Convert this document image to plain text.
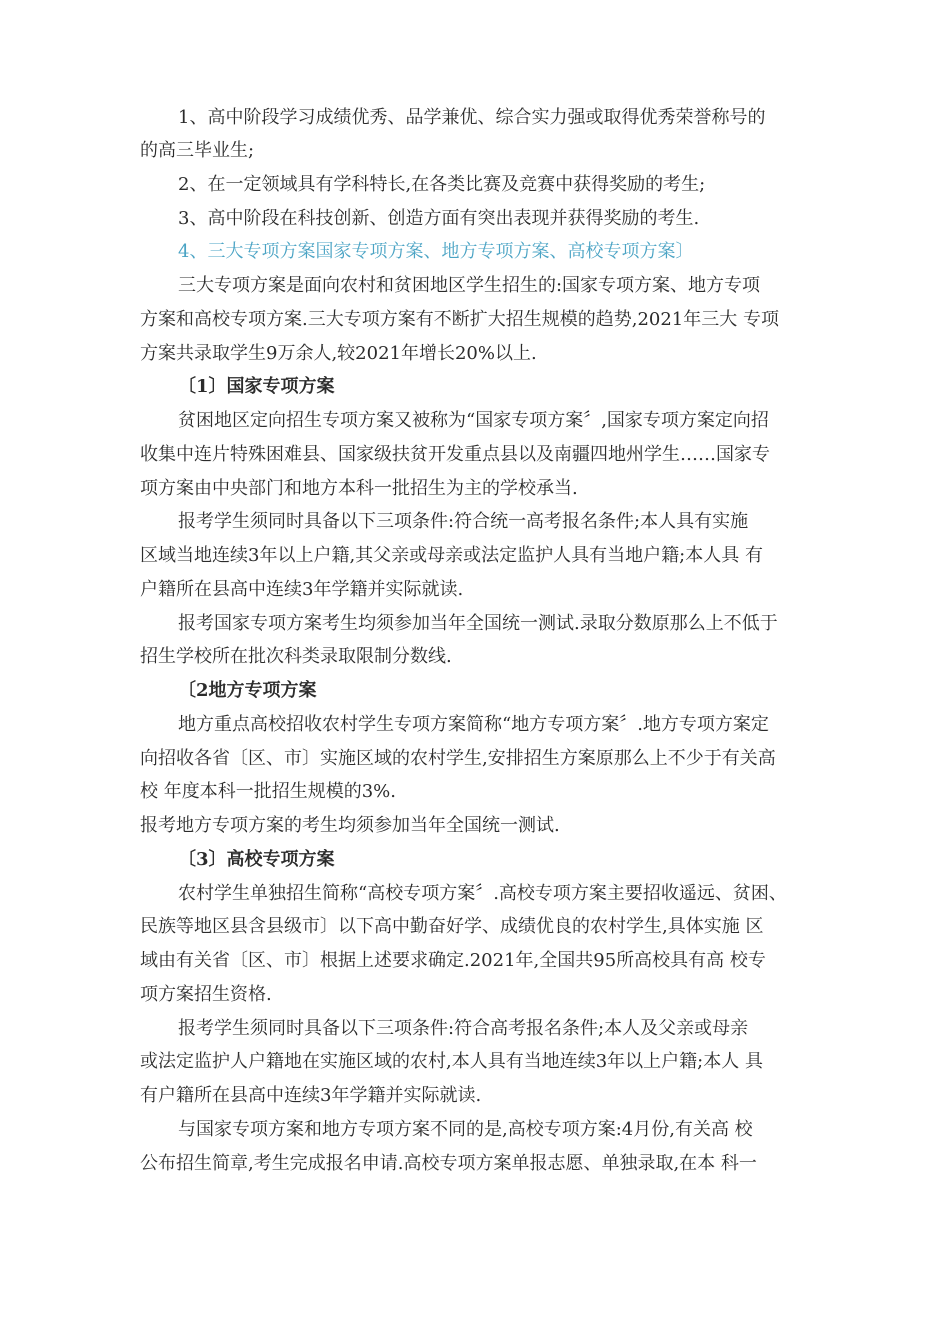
1、高中阶段学习成绩优秀、品学兼优、综合实力强或取得优秀荣誉称号的
的高三毕业生;
2、在一定领域具有学科特长,在各类比赛及竞赛中获得奖励的考生;
3、高中阶段在科技创新、创造方面有突出表现并获得奖励的考生.
4、三大专项方案国家专项方案、地方专项方案、高校专项方案〕
三大专项方案是面向农村和贫困地区学生招生的:国家专项方案、地方专项
方案和高校专项方案.三大专项方案有不断扩大招生规模的趋势,2021年三大 专项
方案共录取学生9万余人,较2021年增长20%以上.
〔1〕国家专项方案
贫困地区定向招生专项方案又被称为“国家专项方案〞,国家专项方案定向招
收集中连片特殊困难县、国家级扶贫开发重点县以及南疆四地州学生……国家专
项方案由中央部门和地方本科一批招生为主的学校承当.
报考学生须同时具备以下三项条件:符合统一高考报名条件;本人具有实施
区域当地连续3年以上户籍,其父亲或母亲或法定监护人具有当地户籍;本人具 有
户籍所在县高中连续3年学籍并实际就读.
报考国家专项方案考生均须参加当年全国统一测试.录取分数原那么上不低于
招生学校所在批次科类录取限制分数线.
〔2地方专项方案
地方重点高校招收农村学生专项方案简称“地方专项方案〞.地方专项方案定
向招收各省〔区、市〕实施区域的农村学生,安排招生方案原那么上不少于有关高
校 年度本科一批招生规模的3%.
报考地方专项方案的考生均须参加当年全国统一测试.
〔3〕高校专项方案
农村学生单独招生简称“高校专项方案〞.高校专项方案主要招收遥远、贫困、
民族等地区县含县级市〕以下高中勤奋好学、成绩优良的农村学生,具体实施 区
域由有关省〔区、市〕根据上述要求确定.2021年,全国共95所高校具有高 校专
项方案招生资格.
报考学生须同时具备以下三项条件:符合高考报名条件;本人及父亲或母亲
或法定监护人户籍地在实施区域的农村,本人具有当地连续3年以上户籍;本人 具
有户籍所在县高中连续3年学籍并实际就读.
与国家专项方案和地方专项方案不同的是,高校专项方案:4月份,有关高 校
公布招生简章,考生完成报名申请.高校专项方案单报志愿、单独录取,在本 科一
